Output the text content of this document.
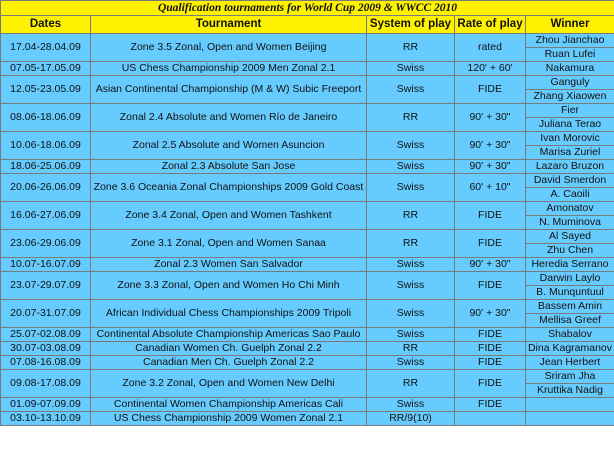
Qualification tournaments for World Cup 2009 & WWCC 2010				
Dates	Tournament	System of play	Rate of play	Winner
17.04-28.04.09	Zone 3.5 Zonal, Open and Women Beijing	RR	rated	Zhou Jianchao
				Ruan Lufei
07.05-17.05.09	US Chess Championship 2009 Men Zonal 2.1	Swiss	120' + 60'	Nakamura
12.05-23.05.09	Asian Continental Championship (M & W) Subic Freeport	Swiss	FIDE	Ganguly
				Zhang Xiaowen
08.06-18.06.09	Zonal 2.4 Absolute and Women Río de Janeiro	RR	90' + 30"	Fier
				Juliana Terao
10.06-18.06.09	Zonal 2.5 Absolute and Women Asuncion	Swiss	90' + 30"	Ivan Morovic
				Marisa Zuriel
18.06-25.06.09	Zonal 2.3 Absolute San Jose	Swiss	90' + 30"	Lazaro Bruzon
20.06-26.06.09	Zone 3.6 Oceania Zonal Championships 2009 Gold Coast	Swiss	60' + 10"	David Smerdon
				A. Caoili
16.06-27.06.09	Zone 3.4 Zonal, Open and Women Tashkent	RR	FIDE	Amonatov
				N. Muminova
23.06-29.06.09	Zone 3.1 Zonal, Open and Women Sanaa	RR	FIDE	Al Sayed
				Zhu Chen
10.07-16.07.09	Zonal 2.3 Women San Salvador	Swiss	90' + 30"	Heredia Serrano
23.07-29.07.09	Zone 3.3 Zonal, Open and Women Ho Chi Minh	Swiss	FIDE	Darwin Laylo
				B. Munquntuul
20.07-31.07.09	African Individual Chess Championships 2009 Tripoli	Swiss	90' + 30"	Bassem Amin
				Mellisa Greef
25.07-02.08.09	Continental Absolute Championship Americas Sao Paulo	Swiss	FIDE	Shabalov
30.07-03.08.09	Canadian Women Ch. Guelph Zonal 2.2	RR	FIDE	Dina Kagramanov
07.08-16.08.09	Canadian Men Ch. Guelph Zonal 2.2	Swiss	FIDE	Jean Herbert
09.08-17.08.09	Zone 3.2 Zonal, Open and Women New Delhi	RR	FIDE	Sriram Jha
				Kruttika Nadig
01.09-07.09.09	Continental Women Championship Americas Cali	Swiss	FIDE	
03.10-13.10.09	US Chess Championship 2009 Women Zonal 2.1	RR/9(10)		
